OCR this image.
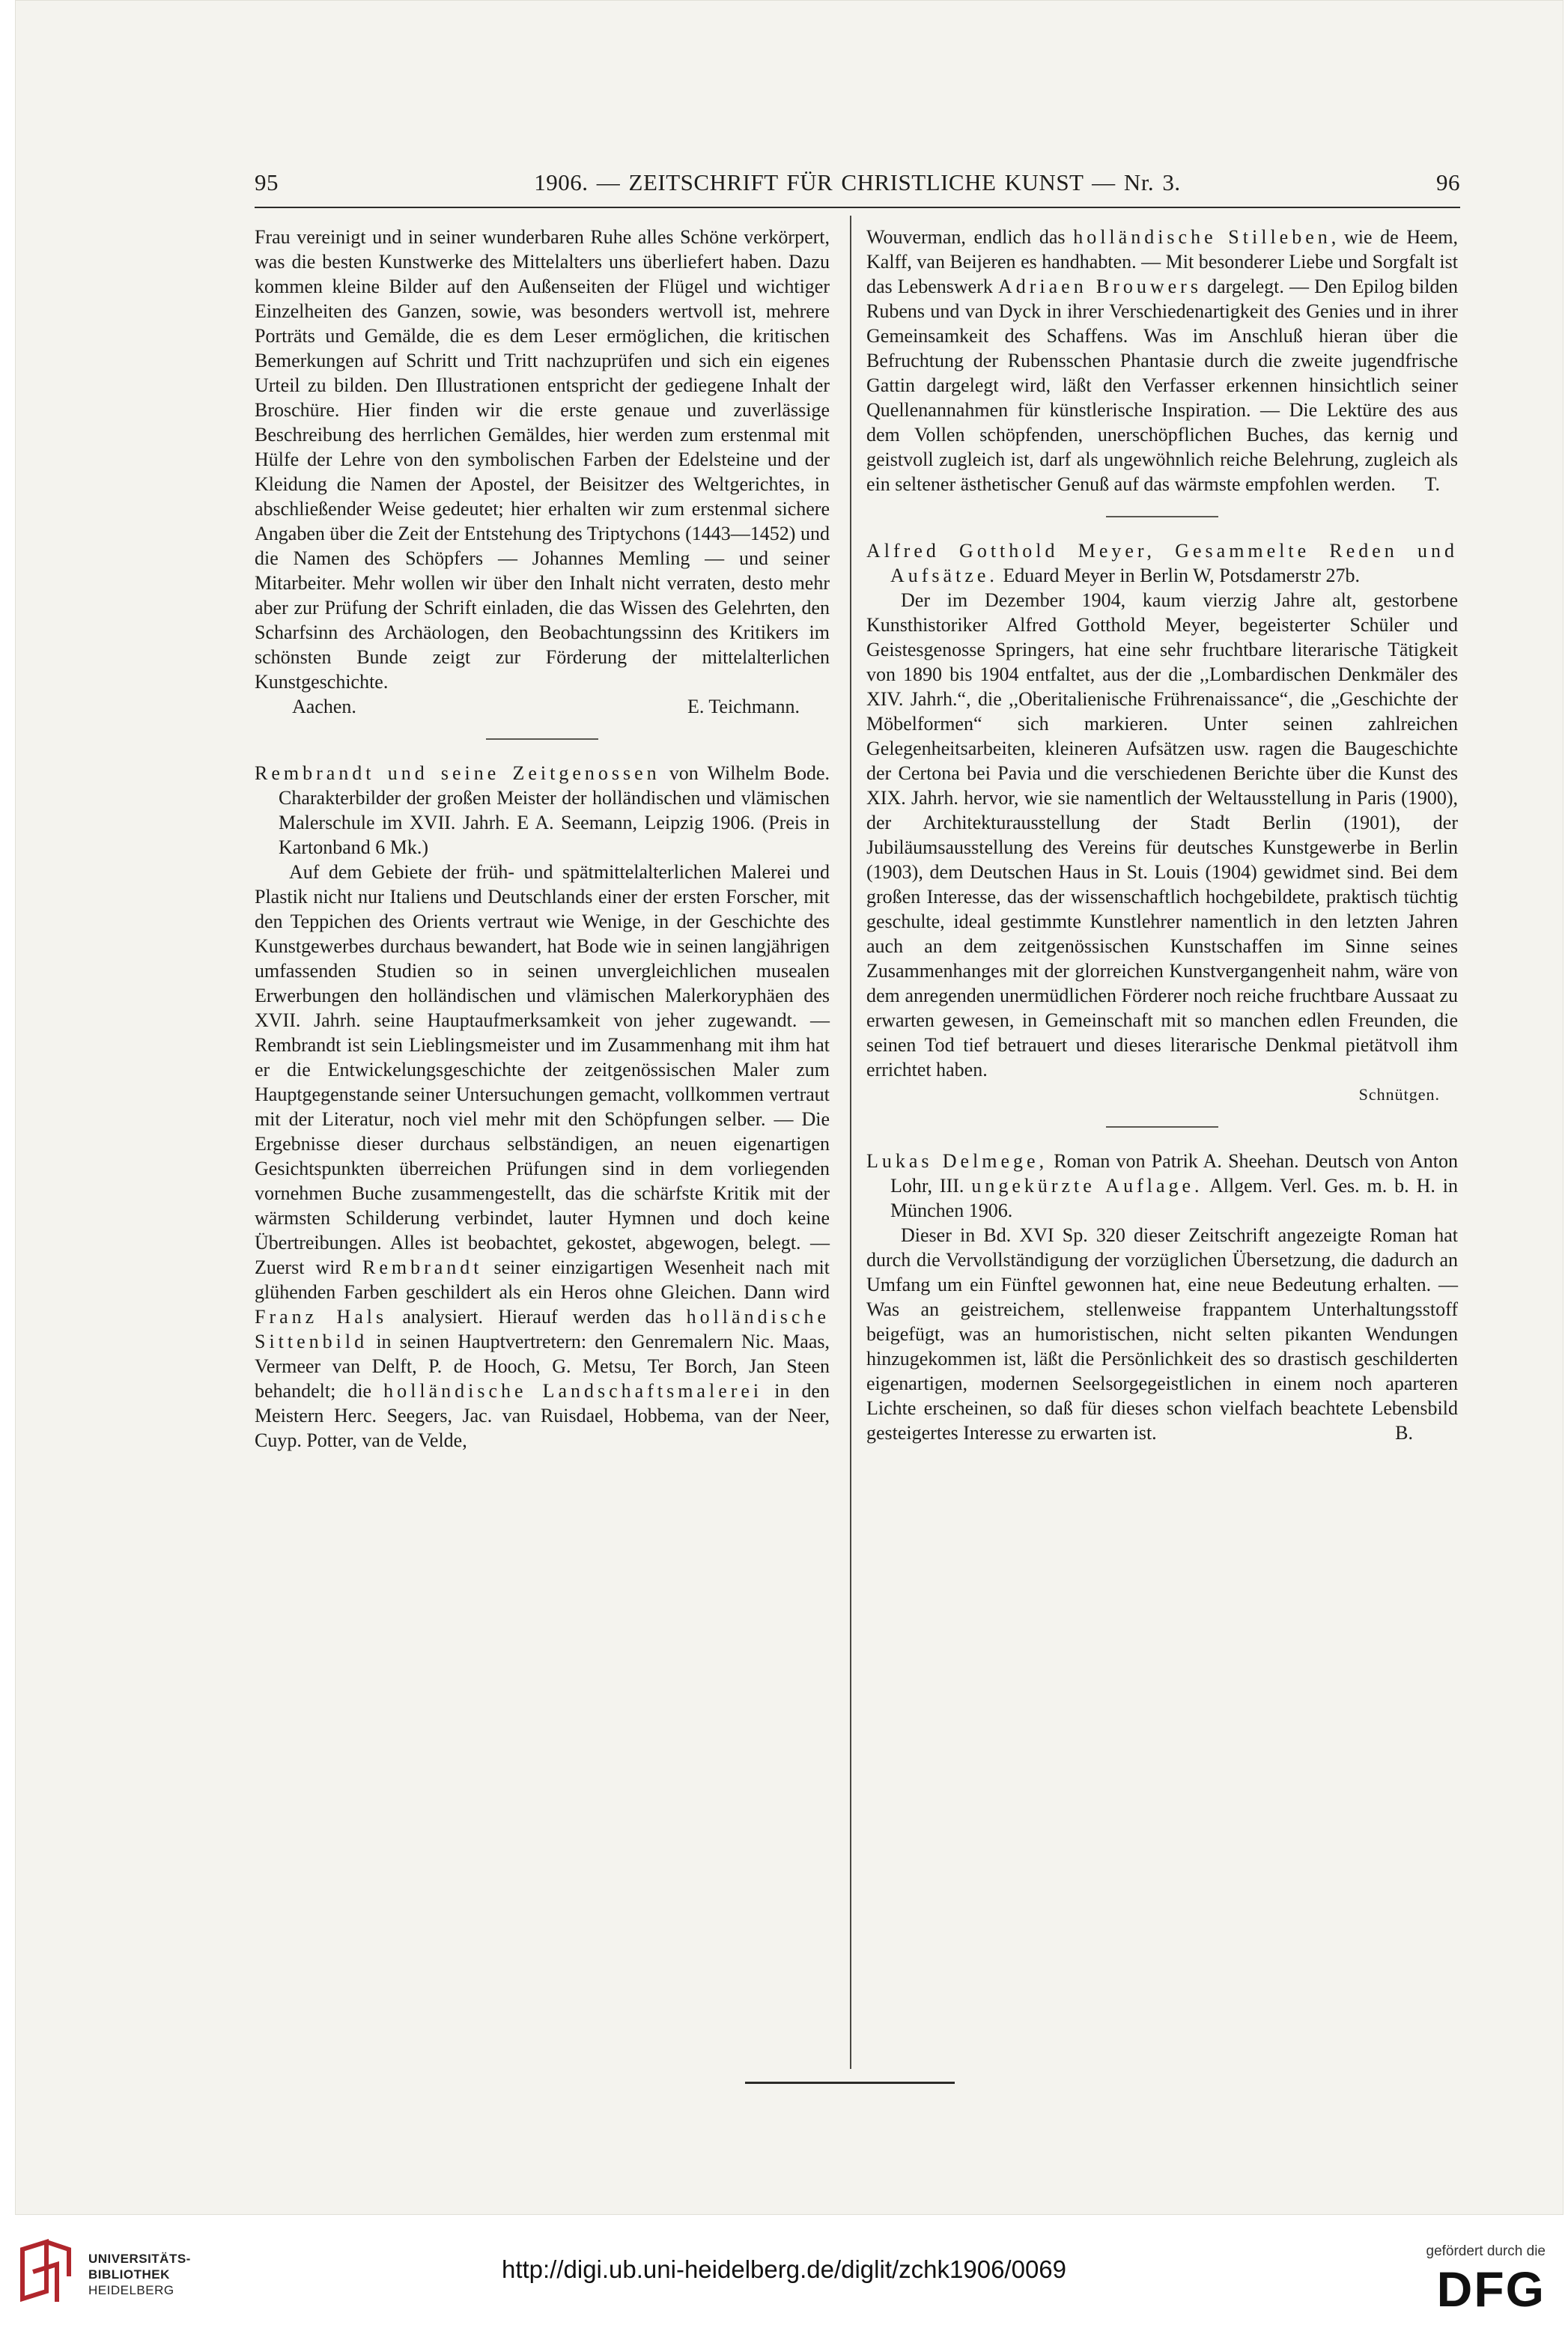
95	1906. — ZEITSCHRIFT FÜR CHRISTLICHE KUNST — Nr. 3.	96

Frau vereinigt und in seiner wunderbaren Ruhe alles Schöne verkörpert, was die besten Kunstwerke des Mittelalters uns überliefert haben. Dazu kommen kleine Bilder auf den Außenseiten der Flügel und wichtiger Einzelheiten des Ganzen, sowie, was besonders wertvoll ist, mehrere Porträts und Gemälde, die es dem Leser ermöglichen, die kritischen Bemerkungen auf Schritt und Tritt nachzuprüfen und sich ein eigenes Urteil zu bilden. Den Illustrationen entspricht der gediegene Inhalt der Broschüre. Hier finden wir die erste genaue und zuverlässige Beschreibung des herrlichen Gemäldes, hier werden zum erstenmal mit Hülfe der Lehre von den symbolischen Farben der Edelsteine und der Kleidung die Namen der Apostel, der Beisitzer des Weltgerichtes, in abschließender Weise gedeutet; hier erhalten wir zum erstenmal sichere Angaben über die Zeit der Entstehung des Triptychons (1443—1452) und die Namen des Schöpfers — Johannes Memling — und seiner Mitarbeiter. Mehr wollen wir über den Inhalt nicht verraten, desto mehr aber zur Prüfung der Schrift einladen, die das Wissen des Gelehrten, den Scharfsinn des Archäologen, den Beobachtungssinn des Kritikers im schönsten Bunde zeigt zur Förderung der mittelalterlichen Kunstgeschichte.

Aachen.	E. Teichmann.

Rembrandt und seine Zeitgenossen von Wilhelm Bode. Charakterbilder der großen Meister der holländischen und vlämischen Malerschule im XVII. Jahrh. E A. Seemann, Leipzig 1906. (Preis in Kartonband 6 Mk.)

Auf dem Gebiete der früh- und spätmittelalterlichen Malerei und Plastik nicht nur Italiens und Deutschlands einer der ersten Forscher, mit den Teppichen des Orients vertraut wie Wenige, in der Geschichte des Kunstgewerbes durchaus bewandert, hat Bode wie in seinen langjährigen umfassenden Studien so in seinen unvergleichlichen musealen Erwerbungen den holländischen und vlämischen Malerkoryphäen des XVII. Jahrh. seine Hauptaufmerksamkeit von jeher zugewandt. — Rembrandt ist sein Lieblingsmeister und im Zusammenhang mit ihm hat er die Entwickelungsgeschichte der zeitgenössischen Maler zum Hauptgegenstande seiner Untersuchungen gemacht, vollkommen vertraut mit der Literatur, noch viel mehr mit den Schöpfungen selber. — Die Ergebnisse dieser durchaus selbständigen, an neuen eigenartigen Gesichtspunkten überreichen Prüfungen sind in dem vorliegenden vornehmen Buche zusammengestellt, das die schärfste Kritik mit der wärmsten Schilderung verbindet, lauter Hymnen und doch keine Übertreibungen. Alles ist beobachtet, gekostet, abgewogen, belegt. — Zuerst wird Rembrandt seiner einzigartigen Wesenheit nach mit glühenden Farben geschildert als ein Heros ohne Gleichen. Dann wird Franz Hals analysiert. Hierauf werden das holländische Sittenbild in seinen Hauptvertretern: den Genremalern Nic. Maas, Vermeer van Delft, P. de Hooch, G. Metsu, Ter Borch, Jan Steen behandelt; die holländische Landschaftsmalerei in den Meistern Herc. Seegers, Jac. van Ruisdael, Hobbema, van der Neer, Cuyp. Potter, van de Velde,

Wouverman, endlich das holländische Stilleben, wie de Heem, Kalff, van Beijeren es handhabten. — Mit besonderer Liebe und Sorgfalt ist das Lebenswerk Adriaen Brouwers dargelegt. — Den Epilog bilden Rubens und van Dyck in ihrer Verschiedenartigkeit des Genies und in ihrer Gemeinsamkeit des Schaffens. Was im Anschluß hieran über die Befruchtung der Rubensschen Phantasie durch die zweite jugendfrische Gattin dargelegt wird, läßt den Verfasser erkennen hinsichtlich seiner Quellenannahmen für künstlerische Inspiration. — Die Lektüre des aus dem Vollen schöpfenden, unerschöpflichen Buches, das kernig und geistvoll zugleich ist, darf als ungewöhnlich reiche Belehrung, zugleich als ein seltener ästhetischer Genuß auf das wärmste empfohlen werden. T.

Alfred Gotthold Meyer, Gesammelte Reden und Aufsätze. Eduard Meyer in Berlin W, Potsdamerstr 27b.

Der im Dezember 1904, kaum vierzig Jahre alt, gestorbene Kunsthistoriker Alfred Gotthold Meyer, begeisterter Schüler und Geistesgenosse Springers, hat eine sehr fruchtbare literarische Tätigkeit von 1890 bis 1904 entfaltet, aus der die ,,Lombardischen Denkmäler des XIV. Jahrh.“, die ,,Oberitalienische Frührenaissance“, die „Geschichte der Möbelformen“ sich markieren. Unter seinen zahlreichen Gelegenheitsarbeiten, kleineren Aufsätzen usw. ragen die Baugeschichte der Certona bei Pavia und die verschiedenen Berichte über die Kunst des XIX. Jahrh. hervor, wie sie namentlich der Weltausstellung in Paris (1900), der Architekturausstellung der Stadt Berlin (1901), der Jubiläumsausstellung des Vereins für deutsches Kunstgewerbe in Berlin (1903), dem Deutschen Haus in St. Louis (1904) gewidmet sind. Bei dem großen Interesse, das der wissenschaftlich hochgebildete, praktisch tüchtig geschulte, ideal gestimmte Kunstlehrer namentlich in den letzten Jahren auch an dem zeitgenössischen Kunstschaffen im Sinne seines Zusammenhanges mit der glorreichen Kunstvergangenheit nahm, wäre von dem anregenden unermüdlichen Förderer noch reiche fruchtbare Aussaat zu erwarten gewesen, in Gemeinschaft mit so manchen edlen Freunden, die seinen Tod tief betrauert und dieses literarische Denkmal pietätvoll ihm errichtet haben.

Schnütgen.

Lukas Delmege, Roman von Patrik A. Sheehan. Deutsch von Anton Lohr, III. ungekürzte Auflage. Allgem. Verl. Ges. m. b. H. in München 1906.

Dieser in Bd. XVI Sp. 320 dieser Zeitschrift angezeigte Roman hat durch die Vervollständigung der vorzüglichen Übersetzung, die dadurch an Umfang um ein Fünftel gewonnen hat, eine neue Bedeutung erhalten. — Was an geistreichem, stellenweise frappantem Unterhaltungsstoff beigefügt, was an humoristischen, nicht selten pikanten Wendungen hinzugekommen ist, läßt die Persönlichkeit des so drastisch geschilderten eigenartigen, modernen Seelsorgegeistlichen in einem noch aparteren Lichte erscheinen, so daß für dieses schon vielfach beachtete Lebensbild gesteigertes Interesse zu erwarten ist.	B.

UNIVERSITÄTS-
BIBLIOTHEK
HEIDELBERG
http://digi.ub.uni-heidelberg.de/diglit/zchk1906/0069
gefördert durch die
DFG
